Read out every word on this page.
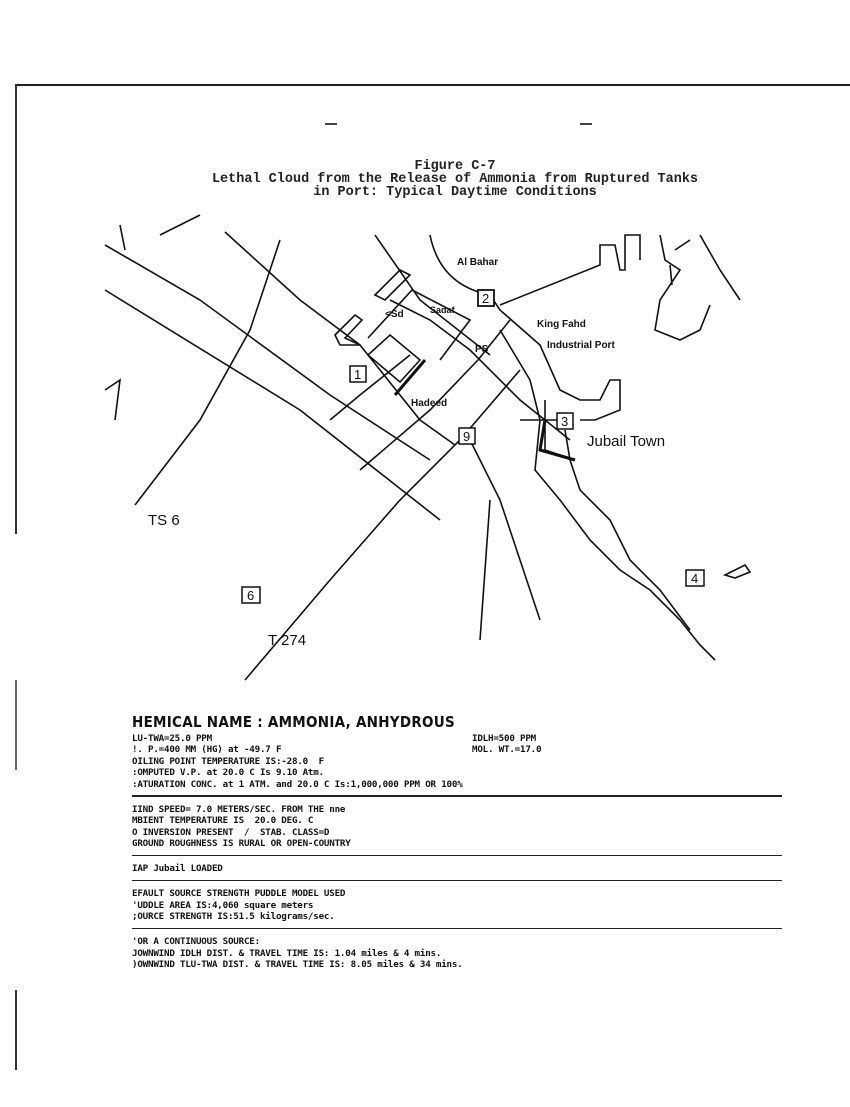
Figure C-7
Lethal Cloud from the Release of Ammonia from Ruptured Tanks
in Port: Typical Daytime Conditions
1
2
3
4
6
9
Al Bahar
<Sd	Sadaf
King Fahd
Industrial Port
PS
Hadeed
Jubail Town
TS 6
T 274
HEMICAL NAME : AMMONIA, ANHYDROUS
LU-TWA=25.0 PPM
!. P.=400 MM (HG) at -49.7 F
IDLH=500 PPM
MOL. WT.=17.0
OILING POINT TEMPERATURE IS:-28.0  F
:OMPUTED V.P. at 20.0 C Is 9.10 Atm.
:ATURATION CONC. at 1 ATM. and 20.0 C Is:1,000,000 PPM OR 100%
IIND SPEED= 7.0 METERS/SEC. FROM THE nne
MBIENT TEMPERATURE IS  20.0 DEG. C
O INVERSION PRESENT  /  STAB. CLASS=D
GROUND ROUGHNESS IS RURAL OR OPEN-COUNTRY
IAP Jubail LOADED
EFAULT SOURCE STRENGTH PUDDLE MODEL USED
'UDDLE AREA IS:4,060 square meters
;OURCE STRENGTH IS:51.5 kilograms/sec.
'OR A CONTINUOUS SOURCE:
JOWNWIND IDLH DIST. & TRAVEL TIME IS: 1.04 miles & 4 mins.
)OWNWIND TLU-TWA DIST. & TRAVEL TIME IS: 8.05 miles & 34 mins.
